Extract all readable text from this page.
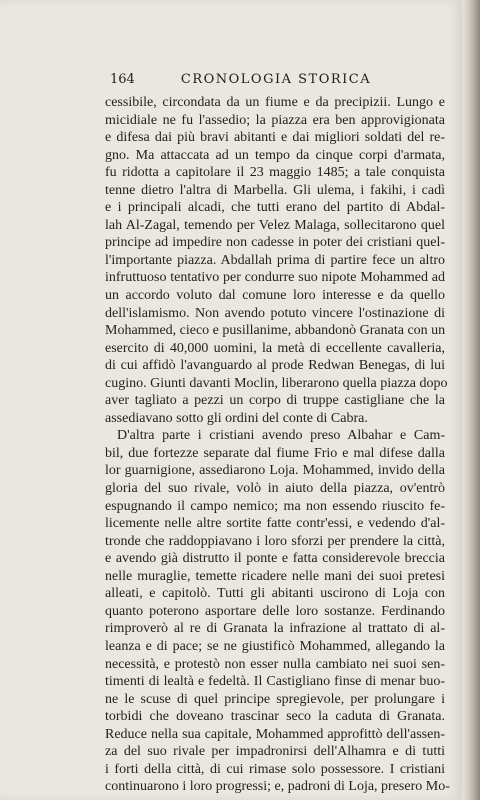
164	CRONOLOGIA STORICA
cessibile, circondata da un fiume e da precipizii. Lungo e
micidiale ne fu l'assedio; la piazza era ben approvigionata
e difesa dai più bravi abitanti e dai migliori soldati del re-
gno. Ma attaccata ad un tempo da cinque corpi d'armata,
fu ridotta a capitolare il 23 maggio 1485; a tale conquista
tenne dietro l'altra di Marbella. Gli ulema, i fakihi, i cadì
e i principali alcadi, che tutti erano del partito di Abdal-
lah Al-Zagal, temendo per Velez Malaga, sollecitarono quel
principe ad impedire non cadesse in poter dei cristiani quel-
l'importante piazza. Abdallah prima di partire fece un altro
infruttuoso tentativo per condurre suo nipote Mohammed ad
un accordo voluto dal comune loro interesse e da quello
dell'islamismo. Non avendo potuto vincere l'ostinazione di
Mohammed, cieco e pusillanime, abbandonò Granata con un
esercito di 40,000 uomini, la metà di eccellente cavalleria,
di cui affidò l'avanguardo al prode Redwan Benegas, di lui
cugino. Giunti davanti Moclin, liberarono quella piazza dopo
aver tagliato a pezzi un corpo di truppe castigliane che la
assediavano sotto gli ordini del conte di Cabra.
D'altra parte i cristiani avendo preso Albahar e Cam-
bil, due fortezze separate dal fiume Frio e mal difese dalla
lor guarnigione, assediarono Loja. Mohammed, invido della
gloria del suo rivale, volò in aiuto della piazza, ov'entrò
espugnando il campo nemico; ma non essendo riuscito fe-
licemente nelle altre sortite fatte contr'essi, e vedendo d'al-
tronde che raddoppiavano i loro sforzi per prendere la città,
e avendo già distrutto il ponte e fatta considerevole breccia
nelle muraglie, temette ricadere nelle mani dei suoi pretesi
alleati, e capitolò. Tutti gli abitanti uscirono di Loja con
quanto poterono asportare delle loro sostanze. Ferdinando
rimproverò al re di Granata la infrazione al trattato di al-
leanza e di pace; se ne giustificò Mohammed, allegando la
necessità, e protestò non esser nulla cambiato nei suoi sen-
timenti di lealtà e fedeltà. Il Castigliano finse di menar buo-
ne le scuse di quel principe spregievole, per prolungare i
torbidi che doveano trascinar seco la caduta di Granata.
Reduce nella sua capitale, Mohammed approfittò dell'assen-
za del suo rivale per impadronirsi dell'Alhamra e di tutti
i forti della città, di cui rimase solo possessore. I cristiani
continuarono i loro progressi; e, padroni di Loja, presero Mo-
